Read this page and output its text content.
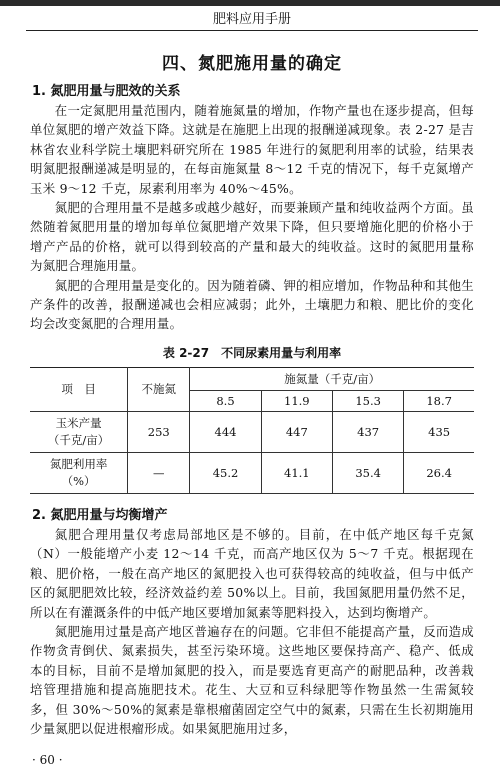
肥料应用手册
四、氮肥施用量的确定
1. 氮肥用量与肥效的关系

在一定氮肥用量范围内，随着施氮量的增加，作物产量也在逐步提高，但每单位氮肥的增产效益下降。这就是在施肥上出现的报酬递减现象。表 2-27 是吉林省农业科学院土壤肥料研究所在 1985 年进行的氮肥利用率的试验，结果表明氮肥报酬递减是明显的，在每亩施氮量 8～12 千克的情况下，每千克氮增产玉米 9～12 千克，尿素利用率为 40%～45%。

氮肥的合理用量不是越多或越少越好，而要兼顾产量和纯收益两个方面。虽然随着氮肥用量的增加每单位氮肥增产效果下降，但只要增施化肥的价格小于增产产品的价格，就可以得到较高的产量和最大的纯收益。这时的氮肥用量称为氮肥合理施用量。

氮肥的合理用量是变化的。因为随着磷、钾的相应增加，作物品种和其他生产条件的改善，报酬递减也会相应减弱；此外，土壤肥力和粮、肥比价的变化均会改变氮肥的合理用量。

表 2-27　不同尿素用量与利用率
项　目	不施氮	施氮量（千克/亩）			
		8.5	11.9	15.3	18.7
玉米产量
（千克/亩）	253	444	447	437	435
氮肥利用率
（%）	—	45.2	41.1	35.4	26.4
2. 氮肥用量与均衡增产

氮肥合理用量仅考虑局部地区是不够的。目前，在中低产地区每千克氮（N）一般能增产小麦 12～14 千克，而高产地区仅为 5～7 千克。根据现在粮、肥价格，一般在高产地区的氮肥投入也可获得较高的纯收益，但与中低产区的氮肥肥效比较，经济效益约差 50%以上。目前，我国氮肥用量仍然不足，所以在有灌溉条件的中低产地区要增加氮素等肥料投入，达到均衡增产。

氮肥施用过量是高产地区普遍存在的问题。它非但不能提高产量，反而造成作物贪青倒伏、氮素损失，甚至污染环境。这些地区要保持高产、稳产、低成本的目标，目前不是增加氮肥的投入，而是要选育更高产的耐肥品种，改善栽培管理措施和提高施肥技术。花生、大豆和豆科绿肥等作物虽然一生需氮较多，但 30%～50%的氮素是靠根瘤菌固定空气中的氮素，只需在生长初期施用少量氮肥以促进根瘤形成。如果氮肥施用过多，

· 60 ·
